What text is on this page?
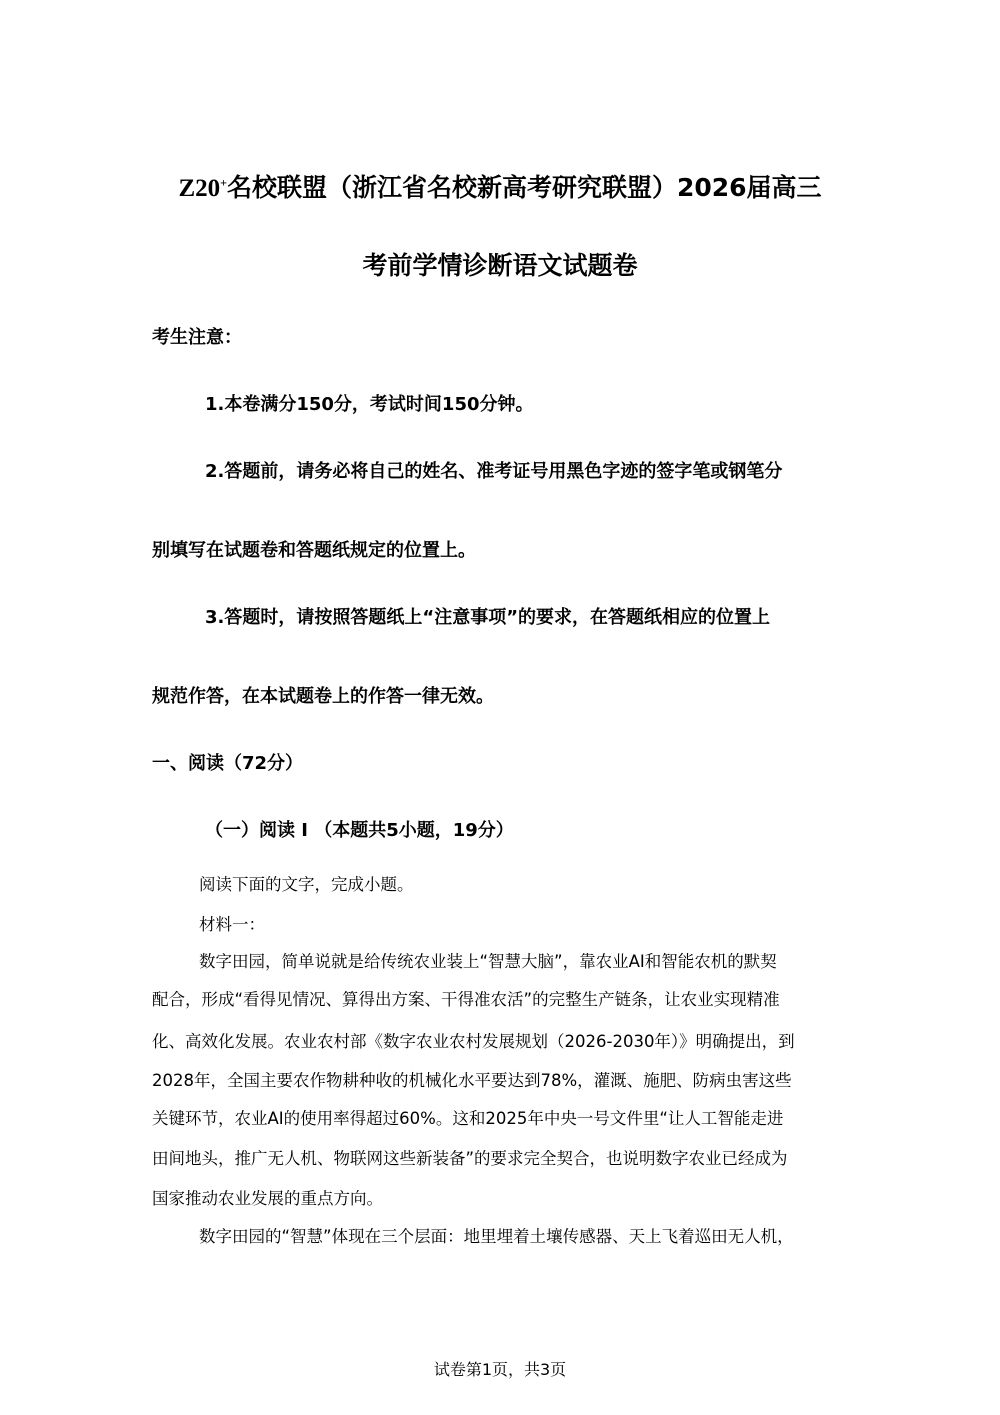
Z20+名校联盟（浙江省名校新高考研究联盟）2026届高三
考前学情诊断语文试题卷
考生注意：
1.本卷满分150分，考试时间150分钟。
2.答题前，请务必将自己的姓名、准考证号用黑色字迹的签字笔或钢笔分
别填写在试题卷和答题纸规定的位置上。
3.答题时，请按照答题纸上“注意事项”的要求，在答题纸相应的位置上
规范作答，在本试题卷上的作答一律无效。
一、阅读（72分）
（一）阅读 I （本题共5小题，19分）
阅读下面的文字，完成小题。
材料一：
数字田园，简单说就是给传统农业装上“智慧大脑”，靠农业AI和智能农机的默契
配合，形成“看得见情况、算得出方案、干得准农活”的完整生产链条，让农业实现精准
化、高效化发展。农业农村部《数字农业农村发展规划（2026-2030年）》明确提出，到
2028年，全国主要农作物耕种收的机械化水平要达到78%，灌溉、施肥、防病虫害这些
关键环节，农业AI的使用率得超过60%。这和2025年中央一号文件里“让人工智能走进
田间地头，推广无人机、物联网这些新装备”的要求完全契合，也说明数字农业已经成为
国家推动农业发展的重点方向。
数字田园的“智慧”体现在三个层面：地里埋着土壤传感器、天上飞着巡田无人机，
试卷第1页，共3页
